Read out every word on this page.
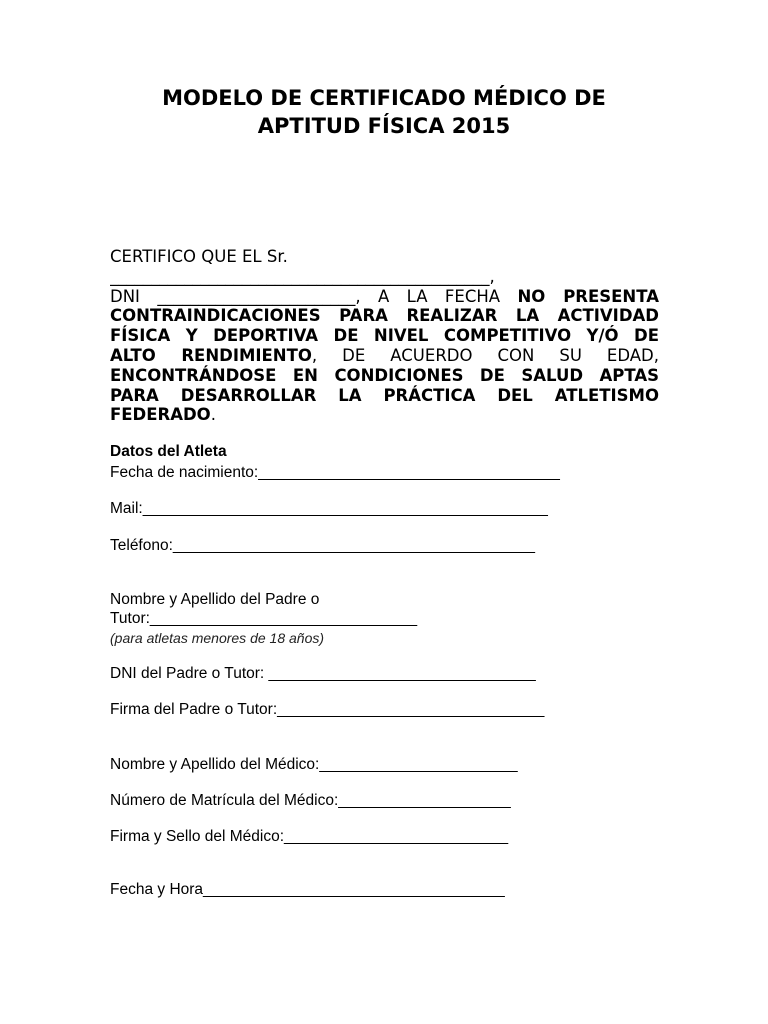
MODELO DE CERTIFICADO MÉDICO DE
APTITUD FÍSICA 2015
CERTIFICO QUE EL Sr.
______________________________________________,
DNI ________________________, A LA FECHA NO PRESENTA
CONTRAINDICACIONES PARA REALIZAR LA ACTIVIDAD
FÍSICA Y DEPORTIVA DE NIVEL COMPETITIVO Y/Ó DE
ALTO RENDIMIENTO, DE ACUERDO CON SU EDAD,
ENCONTRÁNDOSE EN CONDICIONES DE SALUD APTAS
PARA DESARROLLAR LA PRÁCTICA DEL ATLETISMO
FEDERADO.
Datos del Atleta
Fecha de nacimiento:___________________________________
Mail:_______________________________________________
Teléfono:__________________________________________
Nombre y Apellido del Padre o
Tutor:_______________________________
(para atletas menores de 18 años)
DNI del Padre o Tutor: _______________________________
Firma del Padre o Tutor:_______________________________
Nombre y Apellido del Médico:_______________________
Número de Matrícula del Médico:____________________
Firma y Sello del Médico:__________________________
Fecha y Hora___________________________________
